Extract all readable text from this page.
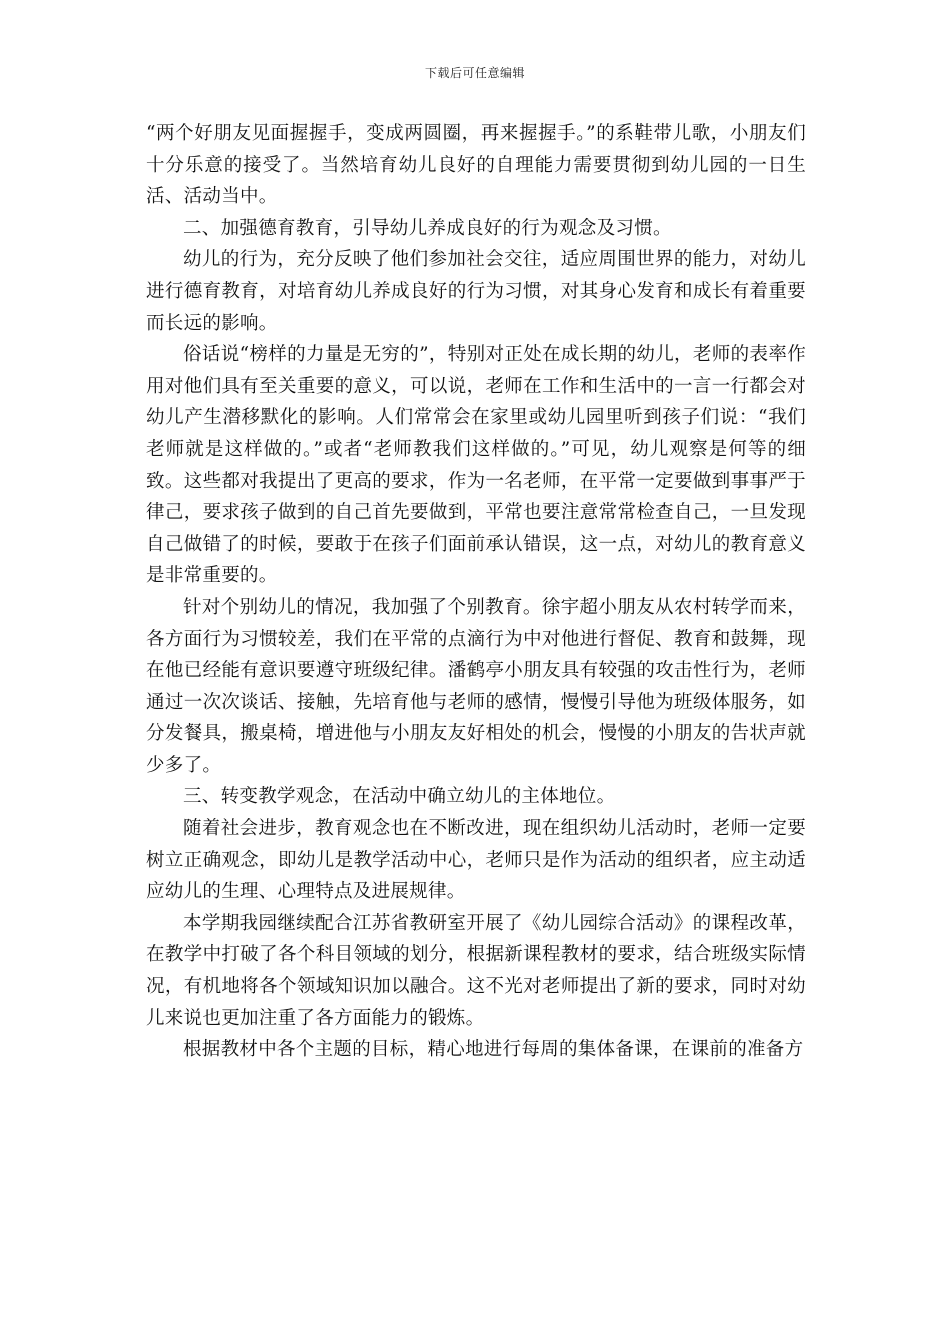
下载后可任意编辑

“两个好朋友见面握握手，变成两圆圈，再来握握手。”的系鞋带儿歌，小朋友们十分乐意的接受了。当然培育幼儿良好的自理能力需要贯彻到幼儿园的一日生活、活动当中。

二、加强德育教育，引导幼儿养成良好的行为观念及习惯。

幼儿的行为，充分反映了他们参加社会交往，适应周围世界的能力，对幼儿进行德育教育，对培育幼儿养成良好的行为习惯，对其身心发育和成长有着重要而长远的影响。

俗话说“榜样的力量是无穷的”，特别对正处在成长期的幼儿，老师的表率作用对他们具有至关重要的意义，可以说，老师在工作和生活中的一言一行都会对幼儿产生潜移默化的影响。人们常常会在家里或幼儿园里听到孩子们说：“我们老师就是这样做的。”或者“老师教我们这样做的。”可见，幼儿观察是何等的细致。这些都对我提出了更高的要求，作为一名老师，在平常一定要做到事事严于律己，要求孩子做到的自己首先要做到，平常也要注意常常检查自己，一旦发现自己做错了的时候，要敢于在孩子们面前承认错误，这一点，对幼儿的教育意义是非常重要的。

针对个别幼儿的情况，我加强了个别教育。徐宇超小朋友从农村转学而来，各方面行为习惯较差，我们在平常的点滴行为中对他进行督促、教育和鼓舞，现在他已经能有意识要遵守班级纪律。潘鹤亭小朋友具有较强的攻击性行为，老师通过一次次谈话、接触，先培育他与老师的感情，慢慢引导他为班级体服务，如分发餐具，搬桌椅，增进他与小朋友友好相处的机会，慢慢的小朋友的告状声就少多了。

三、转变教学观念，在活动中确立幼儿的主体地位。

随着社会进步，教育观念也在不断改进，现在组织幼儿活动时，老师一定要树立正确观念，即幼儿是教学活动中心，老师只是作为活动的组织者，应主动适应幼儿的生理、心理特点及进展规律。

本学期我园继续配合江苏省教研室开展了《幼儿园综合活动》的课程改革，在教学中打破了各个科目领域的划分，根据新课程教材的要求，结合班级实际情况，有机地将各个领域知识加以融合。这不光对老师提出了新的要求，同时对幼儿来说也更加注重了各方面能力的锻炼。

根据教材中各个主题的目标，精心地进行每周的集体备课，在课前的准备方
